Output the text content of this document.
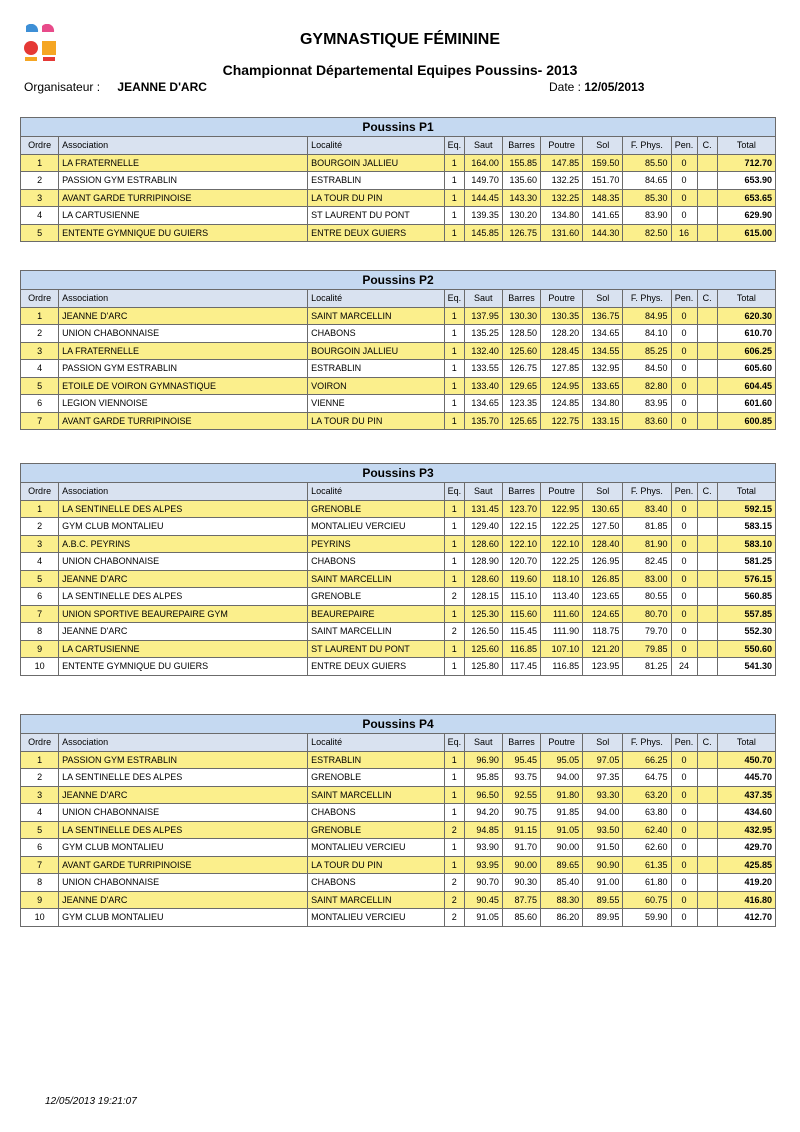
GYMNASTIQUE FÉMININE
Championnat Départemental Equipes Poussins- 2013
Organisateur : JEANNE D'ARC	Date : 12/05/2013
Poussins P1											
Ordre	Association	Localité	Eq.	Saut	Barres	Poutre	Sol	F. Phys.	Pen.	C.	Total
1	LA FRATERNELLE	BOURGOIN JALLIEU	1	164.00	155.85	147.85	159.50	85.50	0		712.70
2	PASSION GYM ESTRABLIN	ESTRABLIN	1	149.70	135.60	132.25	151.70	84.65	0		653.90
3	AVANT GARDE TURRIPINOISE	LA TOUR DU PIN	1	144.45	143.30	132.25	148.35	85.30	0		653.65
4	LA CARTUSIENNE	ST LAURENT DU PONT	1	139.35	130.20	134.80	141.65	83.90	0		629.90
5	ENTENTE GYMNIQUE DU GUIERS	ENTRE DEUX GUIERS	1	145.85	126.75	131.60	144.30	82.50	16		615.00
Poussins P2											
Ordre	Association	Localité	Eq.	Saut	Barres	Poutre	Sol	F. Phys.	Pen.	C.	Total
1	JEANNE D'ARC	SAINT MARCELLIN	1	137.95	130.30	130.35	136.75	84.95	0		620.30
2	UNION CHABONNAISE	CHABONS	1	135.25	128.50	128.20	134.65	84.10	0		610.70
3	LA FRATERNELLE	BOURGOIN JALLIEU	1	132.40	125.60	128.45	134.55	85.25	0		606.25
4	PASSION GYM ESTRABLIN	ESTRABLIN	1	133.55	126.75	127.85	132.95	84.50	0		605.60
5	ETOILE DE VOIRON GYMNASTIQUE	VOIRON	1	133.40	129.65	124.95	133.65	82.80	0		604.45
6	LEGION VIENNOISE	VIENNE	1	134.65	123.35	124.85	134.80	83.95	0		601.60
7	AVANT GARDE TURRIPINOISE	LA TOUR DU PIN	1	135.70	125.65	122.75	133.15	83.60	0		600.85
Poussins P3											
Ordre	Association	Localité	Eq.	Saut	Barres	Poutre	Sol	F. Phys.	Pen.	C.	Total
1	LA SENTINELLE DES ALPES	GRENOBLE	1	131.45	123.70	122.95	130.65	83.40	0		592.15
2	GYM CLUB MONTALIEU	MONTALIEU VERCIEU	1	129.40	122.15	122.25	127.50	81.85	0		583.15
3	A.B.C. PEYRINS	PEYRINS	1	128.60	122.10	122.10	128.40	81.90	0		583.10
4	UNION CHABONNAISE	CHABONS	1	128.90	120.70	122.25	126.95	82.45	0		581.25
5	JEANNE D'ARC	SAINT MARCELLIN	1	128.60	119.60	118.10	126.85	83.00	0		576.15
6	LA SENTINELLE DES ALPES	GRENOBLE	2	128.15	115.10	113.40	123.65	80.55	0		560.85
7	UNION SPORTIVE BEAUREPAIRE GYM	BEAUREPAIRE	1	125.30	115.60	111.60	124.65	80.70	0		557.85
8	JEANNE D'ARC	SAINT MARCELLIN	2	126.50	115.45	111.90	118.75	79.70	0		552.30
9	LA CARTUSIENNE	ST LAURENT DU PONT	1	125.60	116.85	107.10	121.20	79.85	0		550.60
10	ENTENTE GYMNIQUE DU GUIERS	ENTRE DEUX GUIERS	1	125.80	117.45	116.85	123.95	81.25	24		541.30
Poussins P4											
Ordre	Association	Localité	Eq.	Saut	Barres	Poutre	Sol	F. Phys.	Pen.	C.	Total
1	PASSION GYM ESTRABLIN	ESTRABLIN	1	96.90	95.45	95.05	97.05	66.25	0		450.70
2	LA SENTINELLE DES ALPES	GRENOBLE	1	95.85	93.75	94.00	97.35	64.75	0		445.70
3	JEANNE D'ARC	SAINT MARCELLIN	1	96.50	92.55	91.80	93.30	63.20	0		437.35
4	UNION CHABONNAISE	CHABONS	1	94.20	90.75	91.85	94.00	63.80	0		434.60
5	LA SENTINELLE DES ALPES	GRENOBLE	2	94.85	91.15	91.05	93.50	62.40	0		432.95
6	GYM CLUB MONTALIEU	MONTALIEU VERCIEU	1	93.90	91.70	90.00	91.50	62.60	0		429.70
7	AVANT GARDE TURRIPINOISE	LA TOUR DU PIN	1	93.95	90.00	89.65	90.90	61.35	0		425.85
8	UNION CHABONNAISE	CHABONS	2	90.70	90.30	85.40	91.00	61.80	0		419.20
9	JEANNE D'ARC	SAINT MARCELLIN	2	90.45	87.75	88.30	89.55	60.75	0		416.80
10	GYM CLUB MONTALIEU	MONTALIEU VERCIEU	2	91.05	85.60	86.20	89.95	59.90	0		412.70
12/05/2013 19:21:07
